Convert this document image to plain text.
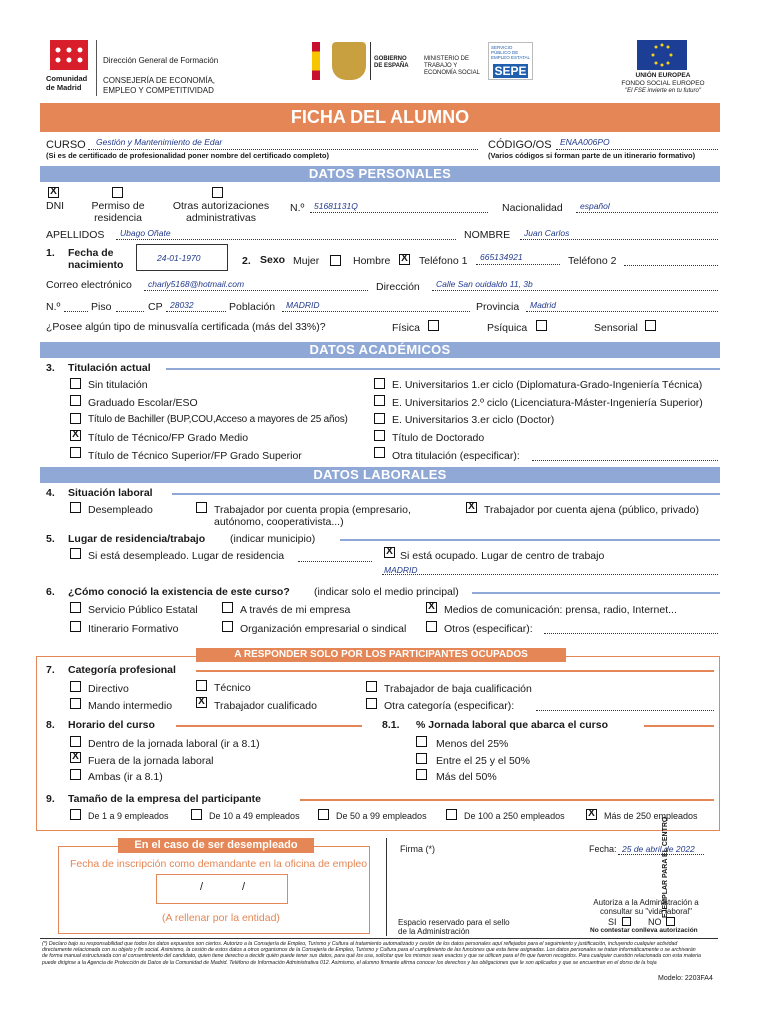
Comunidad de Madrid
Dirección General de Formación
CONSEJERÍA DE ECONOMÍA, EMPLEO Y COMPETITIVIDAD
GOBIERNO DE ESPAÑA
MINISTERIO DE TRABAJO Y ECONOMÍA SOCIAL
SERVICIO PÚBLICO DE EMPLEO ESTATAL
SEPE	UNIÓN EUROPEA
FONDO SOCIAL EUROPEO
"El FSE invierte en tu futuro"
FICHA DEL ALUMNO
CURSO	Gestión y Mantenimiento de Edar
(Si es de certificado de profesionalidad poner nombre del certificado completo)
CÓDIGO/OS ENAA006PO
(Varios códigos si forman parte de un itinerario formativo)
DATOS PERSONALES
X
DNI	Permiso de residencia
Otras autorizaciones administrativas
N.º	51681131Q	Nacionalidad	español
APELLIDOS	Ubago Oñate	NOMBRE	Juan Carlos
1. Fecha de nacimiento
24-01-1970	2. Sexo Mujer	Hombre X Teléfono 1	665134921	Teléfono 2
Correo electrónico	charly5168@hotmail.com	Dirección	Calle San ouidaldo 11, 3b
N.º	Piso	CP 28032	Población	MADRID	Provincia	Madrid
¿Posee algún tipo de minusvalía certificada (más del 33%)?	Física	Psíquica	Sensorial
DATOS ACADÉMICOS
3. Titulación actual
Sin titulación
Graduado Escolar/ESO
Título de Bachiller (BUP,COU,Acceso a mayores de 25 años)
X Título de Técnico/FP Grado Medio
Título de Técnico Superior/FP Grado Superior
E. Universitarios 1.er ciclo (Diplomatura-Grado-Ingeniería Técnica)
E. Universitarios 2.º ciclo (Licenciatura-Máster-Ingeniería Superior)
E. Universitarios 3.er ciclo (Doctor)
Título de Doctorado
Otra titulación (especificar):
DATOS LABORALES
4. Situación laboral
Desempleado	Trabajador por cuenta propia (empresario, autónomo, cooperativista...)
X Trabajador por cuenta ajena (público, privado)
5. Lugar de residencia/trabajo (indicar municipio)
Si está desempleado. Lugar de residencia	X Si está ocupado. Lugar de centro de trabajo
MADRID
6. ¿Cómo conoció la existencia de este curso? (indicar solo el medio principal)
Servicio Público Estatal	A través de mi empresa	X Medios de comunicación: prensa, radio, Internet...
Itinerario Formativo	Organización empresarial o sindical	Otros (especificar):
A RESPONDER SOLO POR LOS PARTICIPANTES OCUPADOS
7. Categoría profesional
Directivo	Técnico	Trabajador de baja cualificación
Mando intermedio	X Trabajador cualificado	Otra categoría (especificar):
8. Horario del curso
Dentro de la jornada laboral (ir a 8.1)
X Fuera de la jornada laboral
Ambas (ir a 8.1)
8.1. % Jornada laboral que abarca el curso
Menos del 25%
Entre el 25 y el 50%
Más del 50%
9. Tamaño de la empresa del participante
De 1 a 9 empleados	De 10 a 49 empleados	De 50 a 99 empleados	De 100 a 250 empleados X Más de 250 empleados
En el caso de ser desempleado
Fecha de inscripción como demandante en la oficina de empleo
/	/
(A rellenar por la entidad)
Firma (*)	Fecha: 25 de abril de 2022
Espacio reservado para el sello de la Administración
Autoriza a la Administración a consultar su "vida laboral"
SI	NO
No contestar conlleva autorización
EJEMPLAR PARA EL CENTRO
(*) Declaro bajo su responsabilidad que todos los datos expuestos son ciertos. Autorizo a la Consejería de Empleo, Turismo y Cultura al tratamiento automatizado y cesión de los datos personales aquí reflejados para el seguimiento y justificación, incluyendo cualquier actividad directamente relacionada con su objeto y fin social. Asimismo, la cesión de estos datos a otros organismos de la Consejería de Empleo, Turismo y Cultura para el cumplimiento de las funciones que esta tiene asignadas. Los datos personales se tratan informáticamente o se archivarán de forma manual estructurada con el consentimiento del candidato, quien tiene derecho a decidir quién puede tener sus datos, para qué los usa, solicitar que los mismos sean exactos y que se utilicen para el fin que fueron recogidos. Para cualquier cuestión relacionada con esta materia puede dirigirse a la Agencia de Protección de Datos de la Comunidad de Madrid. Teléfono de Información Administrativa 012. Asimismo, el alumno firmante afirma conocer los derechos y las obligaciones que le son aplicados y que se encuentran en el dorso de la hoja
Modelo: 2203FA4
